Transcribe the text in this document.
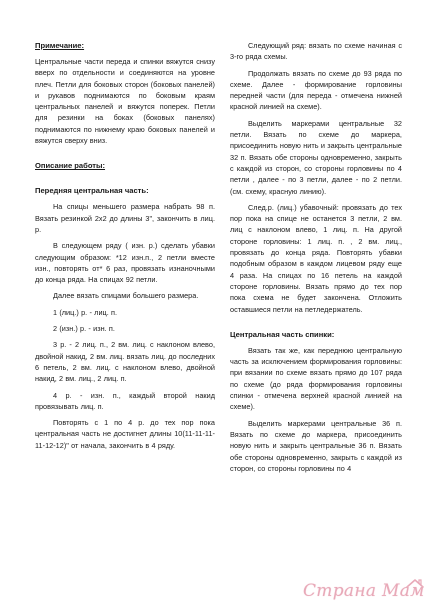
Примечание:

Центральные части переда и спинки вяжутся снизу вверх по отдельности и соединяются на уровне плеч. Петли для боковых сторон (боковых панелей) и рукавов поднимаются по боковым краям центральных панелей и вяжутся поперек. Петли для резинки на боках (боковых панелях) поднимаются по нижнему краю боковых панелей и вяжутся сверху вниз.

Описание работы:

Передняя центральная часть:

На спицы меньшего размера набрать 98 п. Вязать резинкой 2х2 до длины 3", закончить в лиц. р.

В следующем ряду ( изн. р.) сделать убавки следующим образом: *12 изн.п., 2 петли вместе изн., повторять от* 6 раз, провязать изнаночными до конца ряда. На спицах 92 петли.

Далее вязать спицами большего размера.

1 (лиц.) р. - лиц. п.

2 (изн.) р. - изн. п.

3 р. - 2 лиц. п., 2 вм. лиц. с наклоном влево, двойной накид, 2 вм. лиц. вязать лиц. до последних 6 петель, 2 вм. лиц. с наклоном влево, двойной накид, 2 вм. лиц., 2 лиц. п.

4 р. - изн. п., каждый второй накид провязывать лиц. п.

Повторять с 1 по 4 р. до тех пор пока центральная часть не достигнет длины 10(11-11-11-11-12-12)" от начала, закончить в 4 ряду.

Следующий ряд: вязать по схеме начиная с 3-го ряда схемы.

Продолжать вязать по схеме до 93 ряда по схеме. Далее - формирование горловины передней части (для переда - отмечена нижней красной линией на схеме).

Выделить маркерами центральные 32 петли. Вязать по схеме до маркера, присоединить новую нить и закрыть центральные 32 п. Вязать обе стороны одновременно, закрыть с каждой из сторон, со стороны горловины по 4 петли , далее - по 3 петли, далее - по 2 петли. (см. схему, красную линию).

След.р. (лиц.) убавочный: провязать до тех пор пока на спице не останется 3 петли, 2 вм. лиц с наклоном влево, 1 лиц. п. На другой стороне горловины: 1 лиц. п. , 2 вм. лиц., провязать до конца ряда. Повторять убавки подобным образом в каждом лицевом ряду еще 4 раза. На спицах по 16 петель на каждой стороне горловины. Вязать прямо до тех пор пока схема не будет закончена. Отложить оставшиеся петли на петледержатель.

Центральная часть спинки:

Вязать так же, как переднюю центральную часть за исключением формирования горловины: при вязании по схеме вязать прямо до 107 ряда по схеме (до ряда формирования горловины спинки - отмечена верхней красной линией на схеме).

Выделить маркерами центральные 36 п. Вязать по схеме до маркера, присоединить новую нить и закрыть центральные 36 п. Вязать обе стороны одновременно, закрыть с каждой из сторон, со стороны горловины по 4

Страна Мам
